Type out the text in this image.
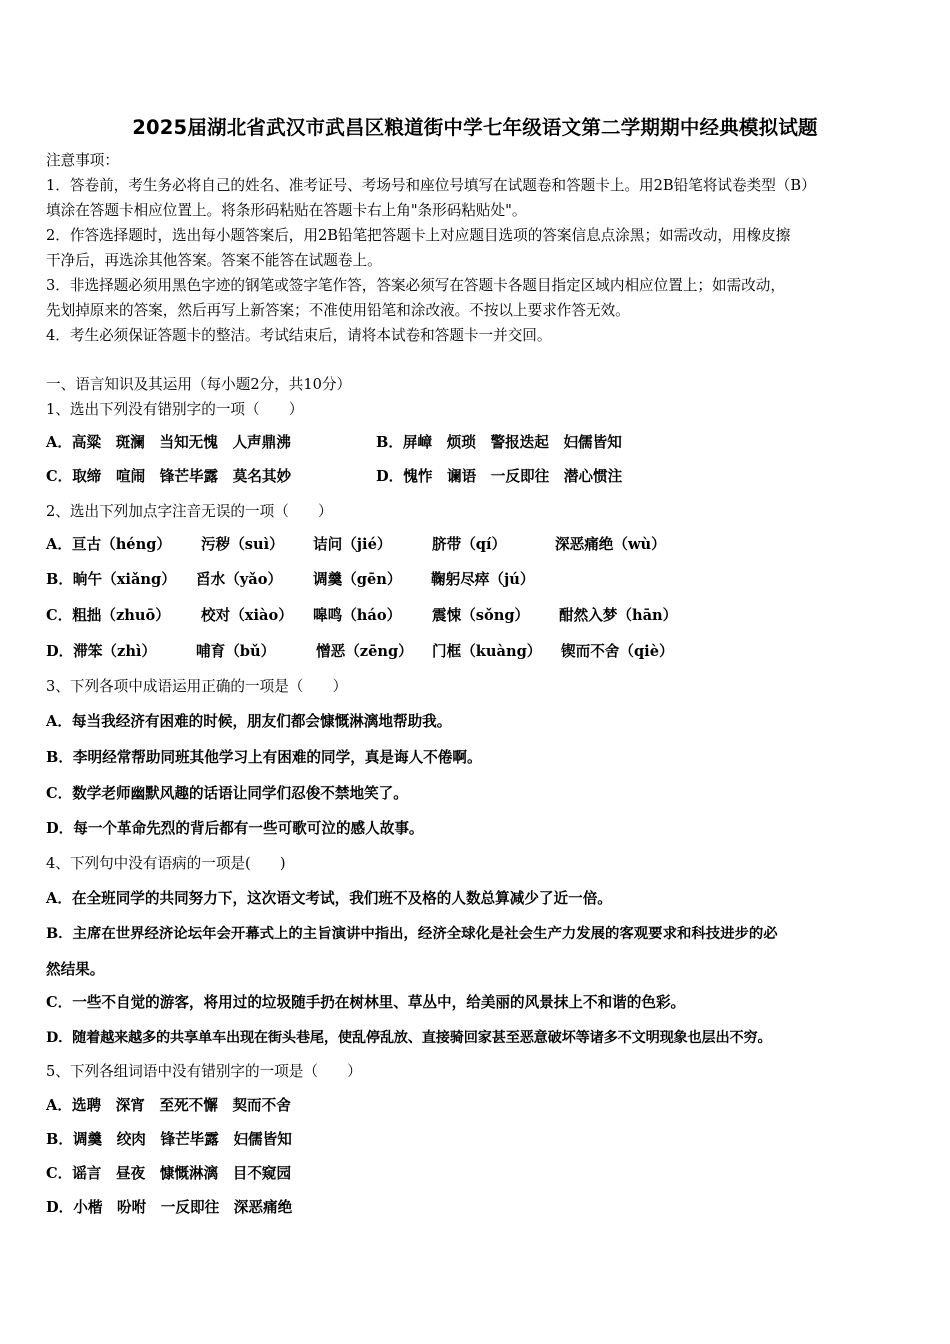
2025届湖北省武汉市武昌区粮道街中学七年级语文第二学期期中经典模拟试题
注意事项：
1．答卷前，考生务必将自己的姓名、准考证号、考场号和座位号填写在试题卷和答题卡上。用2B铅笔将试卷类型（B）
填涂在答题卡相应位置上。将条形码粘贴在答题卡右上角"条形码粘贴处"。
2．作答选择题时，选出每小题答案后，用2B铅笔把答题卡上对应题目选项的答案信息点涂黑；如需改动，用橡皮擦
干净后，再选涂其他答案。答案不能答在试题卷上。
3．非选择题必须用黑色字迹的钢笔或签字笔作答，答案必须写在答题卡各题目指定区域内相应位置上；如需改动，
先划掉原来的答案，然后再写上新答案；不准使用铅笔和涂改液。不按以上要求作答无效。
4．考生必须保证答题卡的整洁。考试结束后，请将本试卷和答题卡一并交回。
一、语言知识及其运用（每小题2分，共10分）
1、选出下列没有错别字的一项（　　）
A．高粱　斑澜　当知无愧　人声鼎沸	B．屏嶂　烦琐　警报迭起　妇儒皆知
C．取缔　喧闹　锋芒毕露　莫名其妙	D．愧怍　谰语　一反即往　潜心惯注
2、选出下列加点字注音无误的一项（　　）
A．亘古（héng） 污秽（suì） 诘问（jié）	脐带（qí）	深恶痛绝（wù）
B．晌午（xiǎng） 舀水（yǎo） 调羹（gēn） 鞠躬尽瘁（jú）
C．粗拙（zhuō） 校对（xiào） 嗥鸣（háo） 震悚（sǒng） 酣然入梦（hān）
D．滞笨（zhì）	哺育（bǔ）	憎恶（zēng） 门框（kuàng） 锲而不舍（qiè）
3、下列各项中成语运用正确的一项是（　　）
A．每当我经济有困难的时候，朋友们都会慷慨淋漓地帮助我。
B．李明经常帮助同班其他学习上有困难的同学，真是诲人不倦啊。
C．数学老师幽默风趣的话语让同学们忍俊不禁地笑了。
D．每一个革命先烈的背后都有一些可歌可泣的感人故事。
4、下列句中没有语病的一项是(　　)
A．在全班同学的共同努力下，这次语文考试，我们班不及格的人数总算减少了近一倍。
B．主席在世界经济论坛年会开幕式上的主旨演讲中指出，经济全球化是社会生产力发展的客观要求和科技进步的必
然结果。
C．一些不自觉的游客，将用过的垃圾随手扔在树林里、草丛中，给美丽的风景抹上不和谐的色彩。
D．随着越来越多的共享单车出现在街头巷尾，使乱停乱放、直接骑回家甚至恶意破坏等诸多不文明现象也层出不穷。
5、下列各组词语中没有错别字的一项是（　　）
A．选聘　深宵　至死不懈　契而不舍
B．调羹　绞肉　锋芒毕露　妇儒皆知
C．谣言　昼夜　慷慨淋漓　目不窥园
D．小楷　吩咐　一反即往　深恶痛绝
